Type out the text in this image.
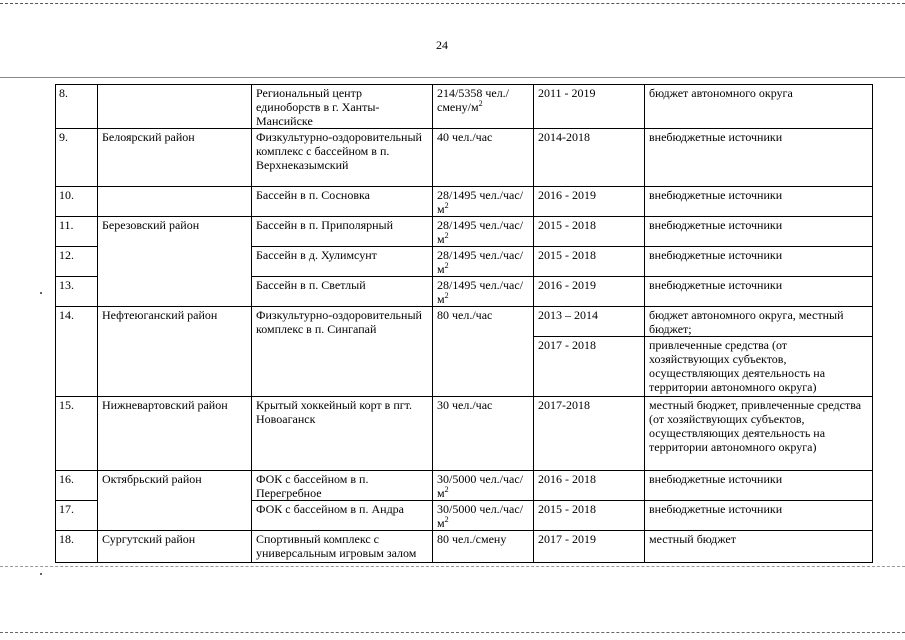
24
8.		Региональный центр единоборств в г. Ханты-Мансийске	214/5358 $чел./смену/м^2$	2011 - 2019	бюджет автономного округа
9.	Белоярский район	Физкультурно-оздоровительный комплекс с бассейном в п. Верхнеказымский	40 чел./час	2014-2018	внебюджетные источники
10.		Бассейн в п. Сосновка	28/1495 $чел./час/м^2$	2016 - 2019	внебюджетные источники
11.	Березовский район	Бассейн в п. Приполярный	28/1495 $чел./час/м^2$	2015 - 2018	внебюджетные источники
12.		Бассейн в д. Хулимсунт	28/1495 $чел./час/м^2$	2015 - 2018	внебюджетные источники
13.		Бассейн в п. Светлый	28/1495 $чел./час/м^2$	2016 - 2019	внебюджетные источники
14.	Нефтеюганский район	Физкультурно-оздоровительный комплекс в п. Сингапай	80 чел./час	2013 – 2014	бюджет автономного округа, местный бюджет;
				2017 - 2018	привлеченные средства (от хозяйствующих субъектов, осуществляющих деятельность на территории автономного округа)
15.	Нижневартовский район	Крытый хоккейный корт в пгт. Новоаганск	30 чел./час	2017-2018	местный бюджет, привлеченные средства (от хозяйствующих субъектов, осуществляющих деятельность на территории автономного округа)
16.	Октябрьский район	ФОК с бассейном в п. Перегребное	30/5000 $чел./час/м^2$	2016 - 2018	внебюджетные источники
17.		ФОК с бассейном в п. Андра	30/5000 $чел./час/м^2$	2015 - 2018	внебюджетные источники
18.	Сургутский район	Спортивный комплекс с универсальным игровым залом	80 чел./смену	2017 - 2019	местный бюджет
